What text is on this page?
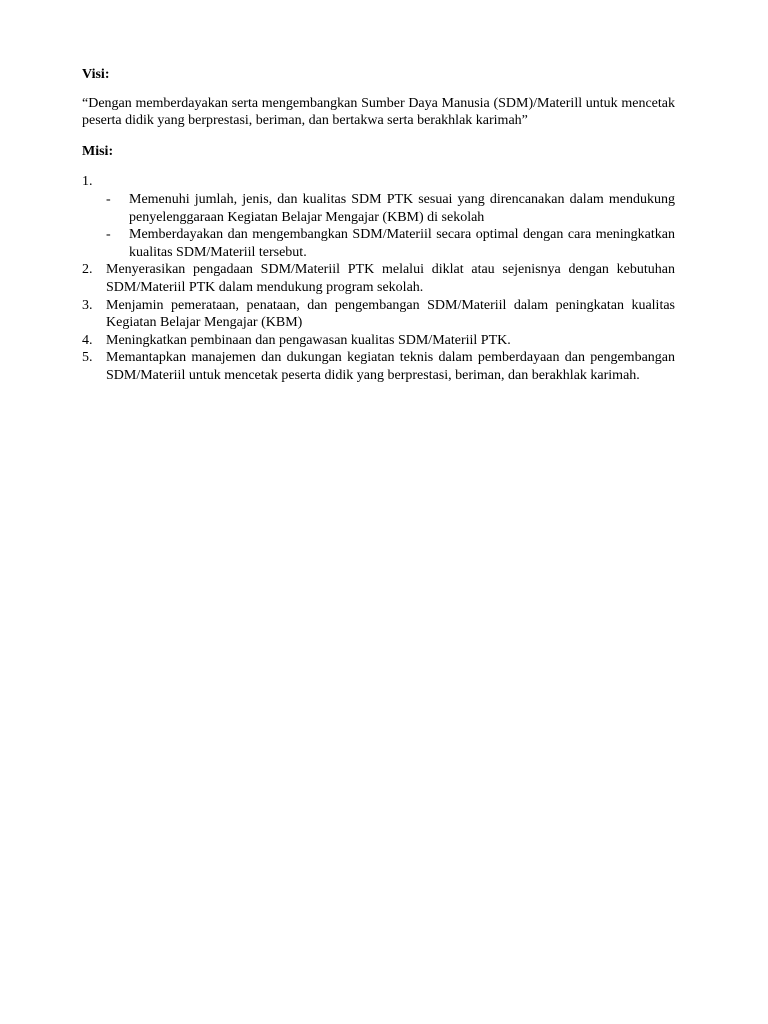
Visi:

“Dengan memberdayakan serta mengembangkan Sumber Daya Manusia (SDM)/Materill untuk mencetak peserta didik yang berprestasi, beriman, dan bertakwa serta berakhlak karimah”

Misi:

1.

- Memenuhi jumlah, jenis, dan kualitas SDM PTK sesuai yang direncanakan dalam mendukung penyelenggaraan Kegiatan Belajar Mengajar (KBM) di sekolah
- Memberdayakan dan mengembangkan SDM/Materiil secara optimal dengan cara meningkatkan kualitas SDM/Materiil tersebut.
2. Menyerasikan pengadaan SDM/Materiil PTK melalui diklat atau sejenisnya dengan kebutuhan SDM/Materiil PTK dalam mendukung program sekolah.
3. Menjamin pemerataan, penataan, dan pengembangan SDM/Materiil dalam peningkatan kualitas Kegiatan Belajar Mengajar (KBM)
4. Meningkatkan pembinaan dan pengawasan kualitas SDM/Materiil PTK.
5. Memantapkan manajemen dan dukungan kegiatan teknis dalam pemberdayaan dan pengembangan SDM/Materiil untuk mencetak peserta didik yang berprestasi, beriman, dan berakhlak karimah.
